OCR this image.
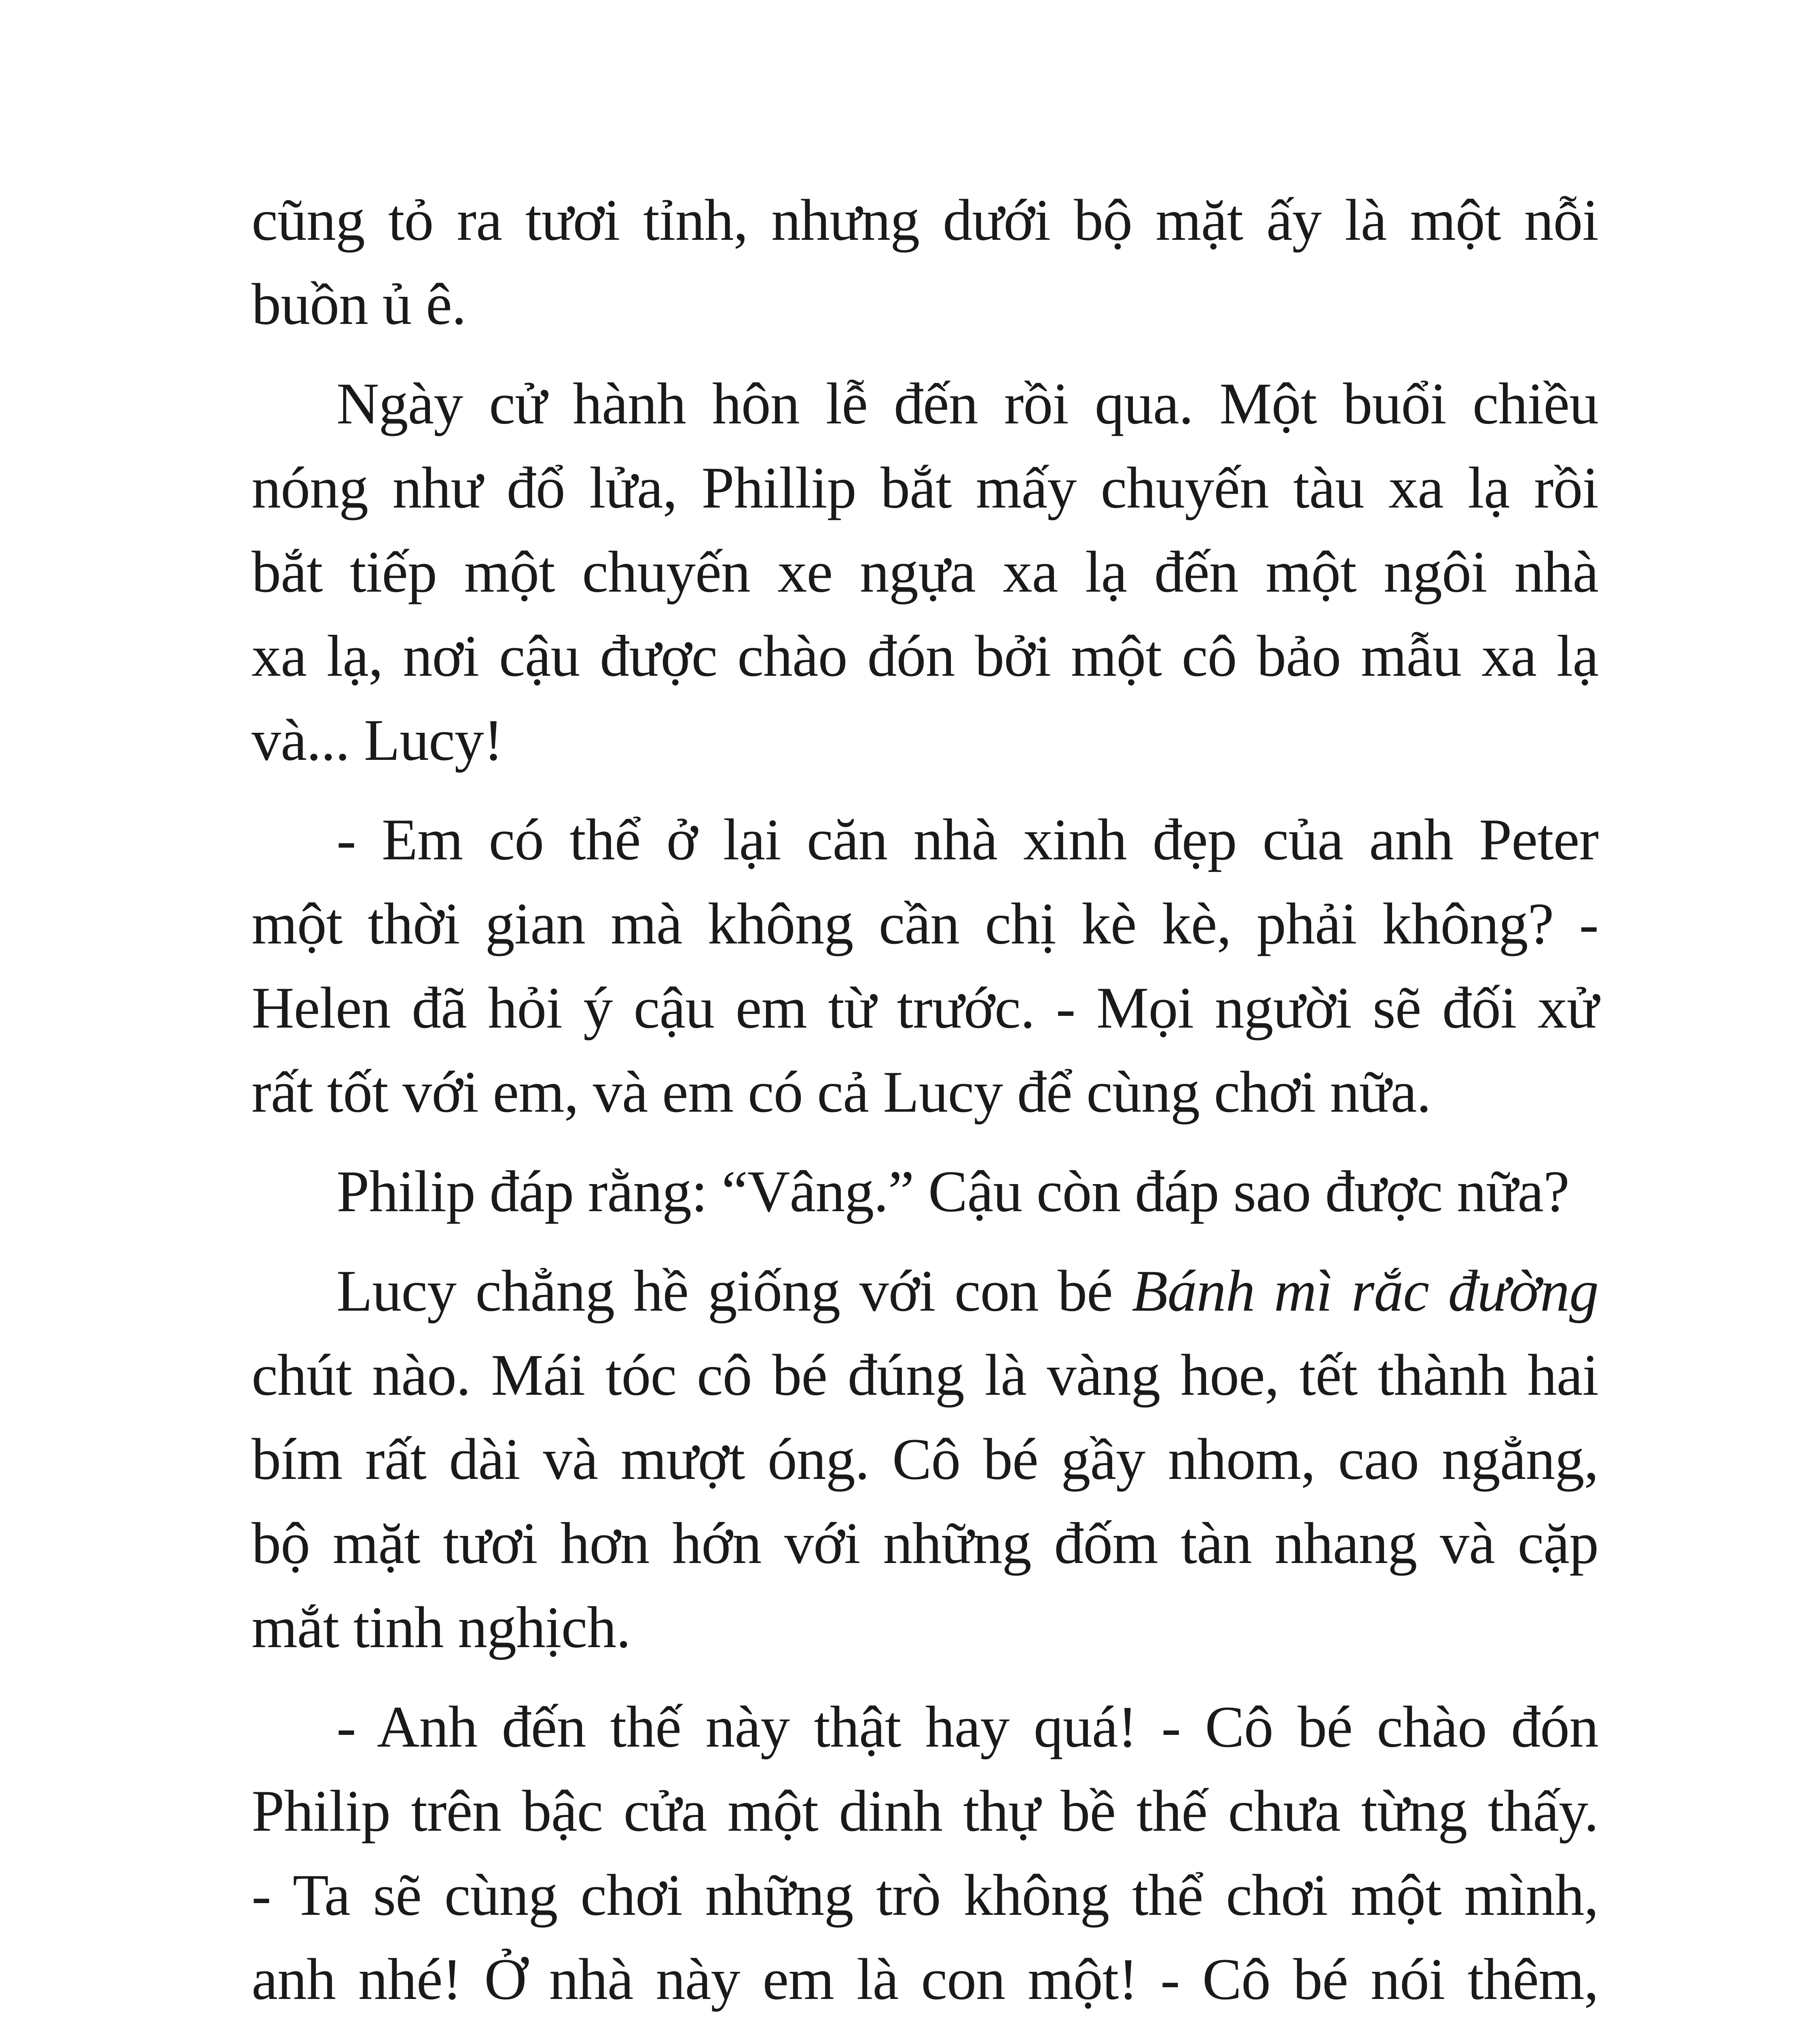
cũng tỏ ra tươi tỉnh, nhưng dưới bộ mặt ấy là một nỗi
buồn ủ ê.
Ngày cử hành hôn lễ đến rồi qua. Một buổi chiều
nóng như đổ lửa, Phillip bắt mấy chuyến tàu xa lạ rồi
bắt tiếp một chuyến xe ngựa xa lạ đến một ngôi nhà
xa lạ, nơi cậu được chào đón bởi một cô bảo mẫu xa lạ
và... Lucy!
- Em có thể ở lại căn nhà xinh đẹp của anh Peter
một thời gian mà không cần chị kè kè, phải không? -
Helen đã hỏi ý cậu em từ trước. - Mọi người sẽ đối xử
rất tốt với em, và em có cả Lucy để cùng chơi nữa.
Philip đáp rằng: “Vâng.” Cậu còn đáp sao được nữa?
Lucy chẳng hề giống với con bé Bánh mì rắc đường
chút nào. Mái tóc cô bé đúng là vàng hoe, tết thành hai
bím rất dài và mượt óng. Cô bé gầy nhom, cao ngẳng,
bộ mặt tươi hơn hớn với những đốm tàn nhang và cặp
mắt tinh nghịch.
- Anh đến thế này thật hay quá! - Cô bé chào đón
Philip trên bậc cửa một dinh thự bề thế chưa từng thấy.
- Ta sẽ cùng chơi những trò không thể chơi một mình,
anh nhé! Ở nhà này em là con một! - Cô bé nói thêm,
